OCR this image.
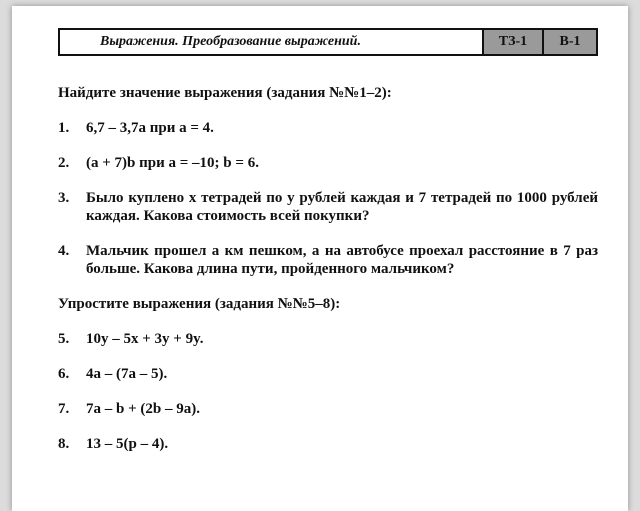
Выражения. Преобразование выражений.	ТЗ-1	В-1
Найдите значение выражения (задания №№1–2):
1.	6,7 – 3,7a при a = 4.
2.	(a + 7)b при a = –10; b = 6.
3.	Было куплено x тетрадей по y рублей каждая и 7 тетрадей по 1000 рублей каждая. Какова стоимость всей покупки?
4.	Мальчик прошел a км пешком, а на автобусе проехал расстояние в 7 раз больше. Какова длина пути, пройденного мальчиком?
Упростите выражения (задания №№5–8):
5.	10y – 5x + 3y + 9y.
6.	4a – (7a – 5).
7.	7a – b + (2b – 9a).
8.	13 – 5(p – 4).
